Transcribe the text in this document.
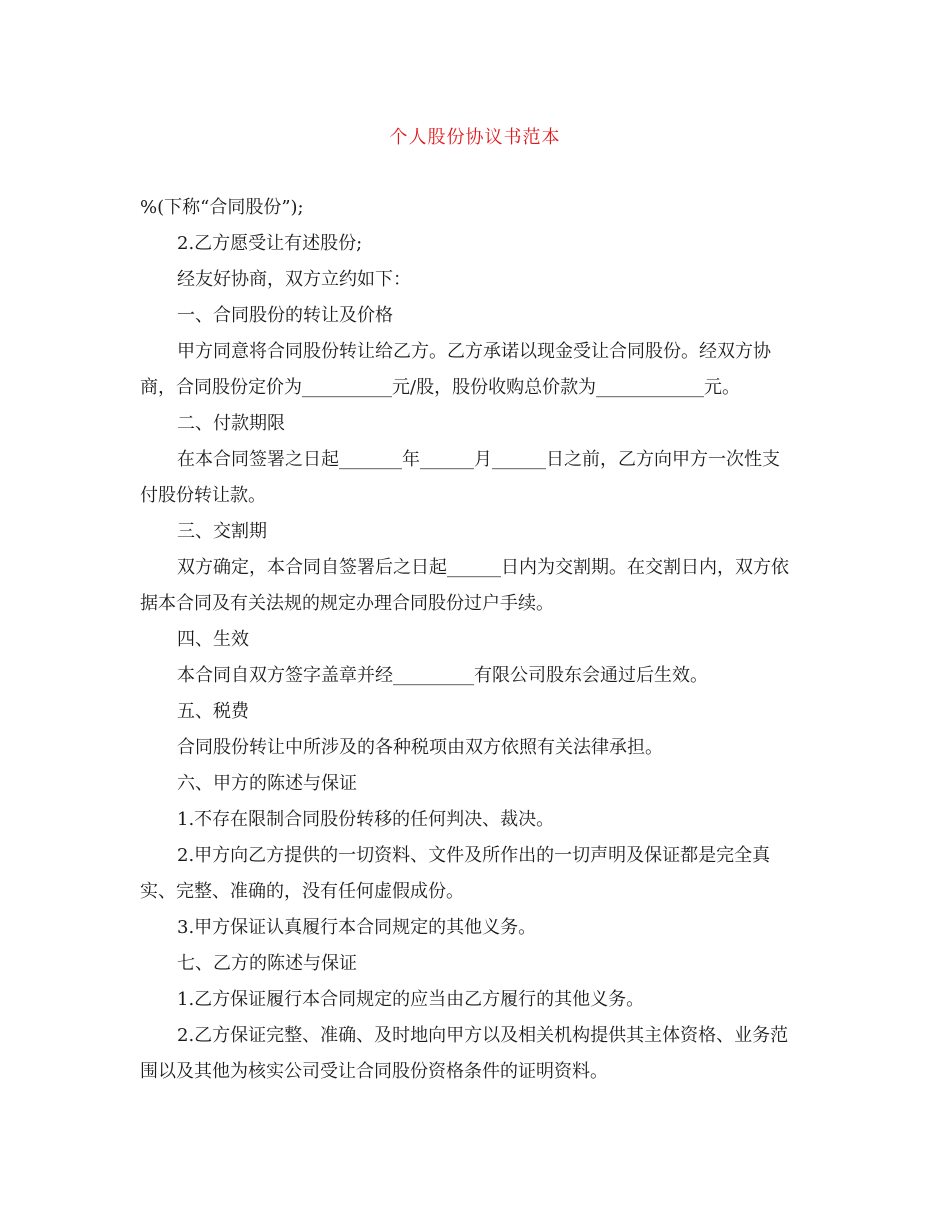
个人股份协议书范本
%(下称“合同股份”);
2.乙方愿受让有述股份;
经友好协商，双方立约如下：
一、合同股份的转让及价格
甲方同意将合同股份转让给乙方。乙方承诺以现金受让合同股份。经双方协
商，合同股份定价为__________元/股，股份收购总价款为____________元。
二、付款期限
在本合同签署之日起_______年______月______日之前，乙方向甲方一次性支
付股份转让款。
三、交割期
双方确定，本合同自签署后之日起______日内为交割期。在交割日内，双方依
据本合同及有关法规的规定办理合同股份过户手续。
四、生效
本合同自双方签字盖章并经_________有限公司股东会通过后生效。
五、税费
合同股份转让中所涉及的各种税项由双方依照有关法律承担。
六、甲方的陈述与保证
1.不存在限制合同股份转移的任何判决、裁决。
2.甲方向乙方提供的一切资料、文件及所作出的一切声明及保证都是完全真
实、完整、准确的，没有任何虚假成份。
3.甲方保证认真履行本合同规定的其他义务。
七、乙方的陈述与保证
1.乙方保证履行本合同规定的应当由乙方履行的其他义务。
2.乙方保证完整、准确、及时地向甲方以及相关机构提供其主体资格、业务范
围以及其他为核实公司受让合同股份资格条件的证明资料。
